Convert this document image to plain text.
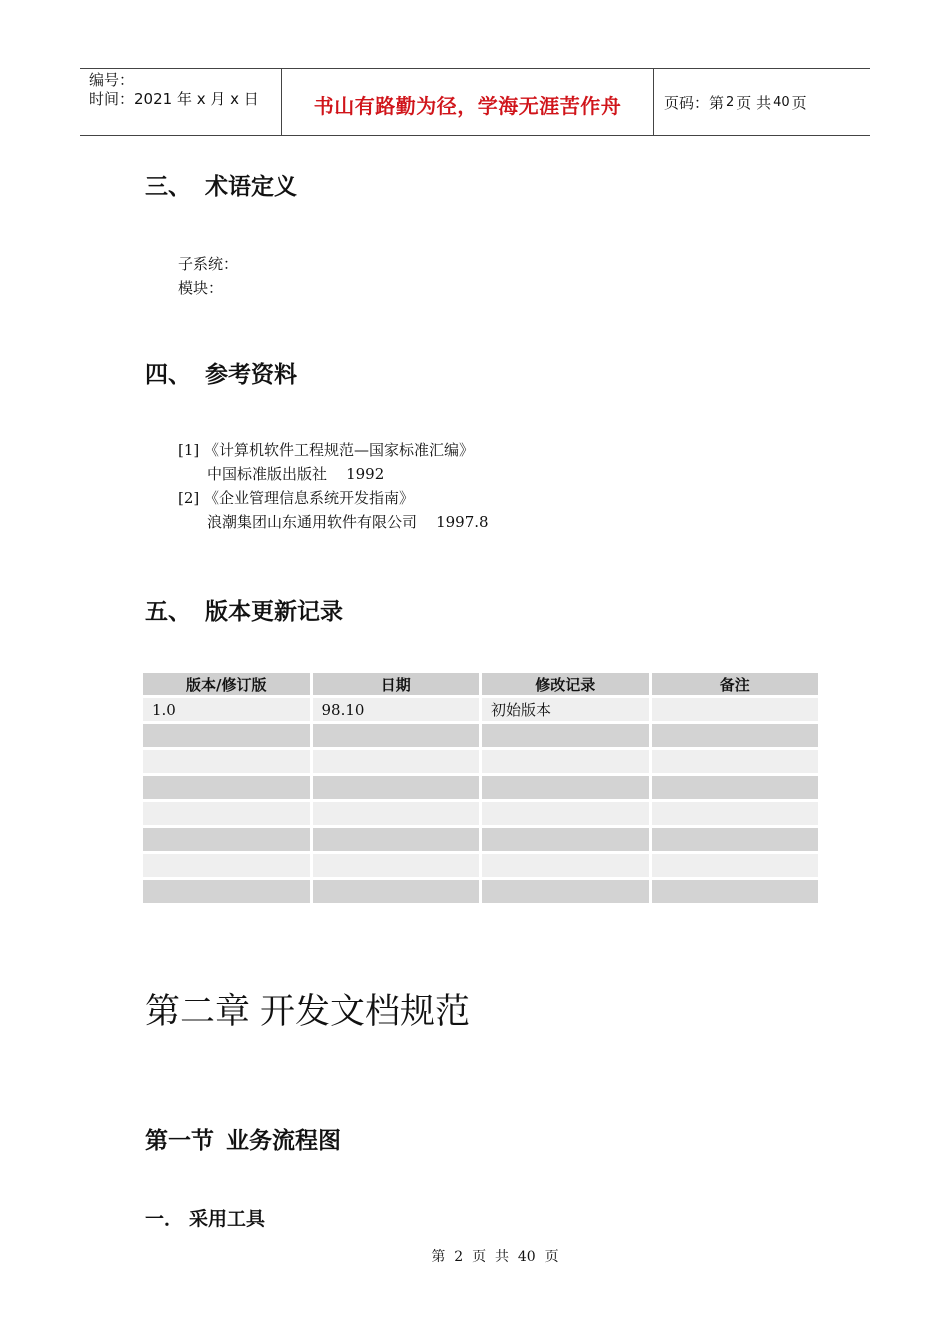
编号：
时间：2021 年 x 月 x 日	书山有路勤为径，学海无涯苦作舟	页码：第 2 页 共 40 页
三、 术语定义
子系统：
模块：
四、 参考资料
[1] 《计算机软件工程规范—国家标准汇编》
中国标准版出版社    1992
[2] 《企业管理信息系统开发指南》
浪潮集团山东通用软件有限公司    1997.8
五、 版本更新记录
版本/修订版	日期	修改记录	备注
1.0	98.10	初始版本	

第二章 开发文档规范
第一节 业务流程图
一． 采用工具
第  2  页  共  40  页
